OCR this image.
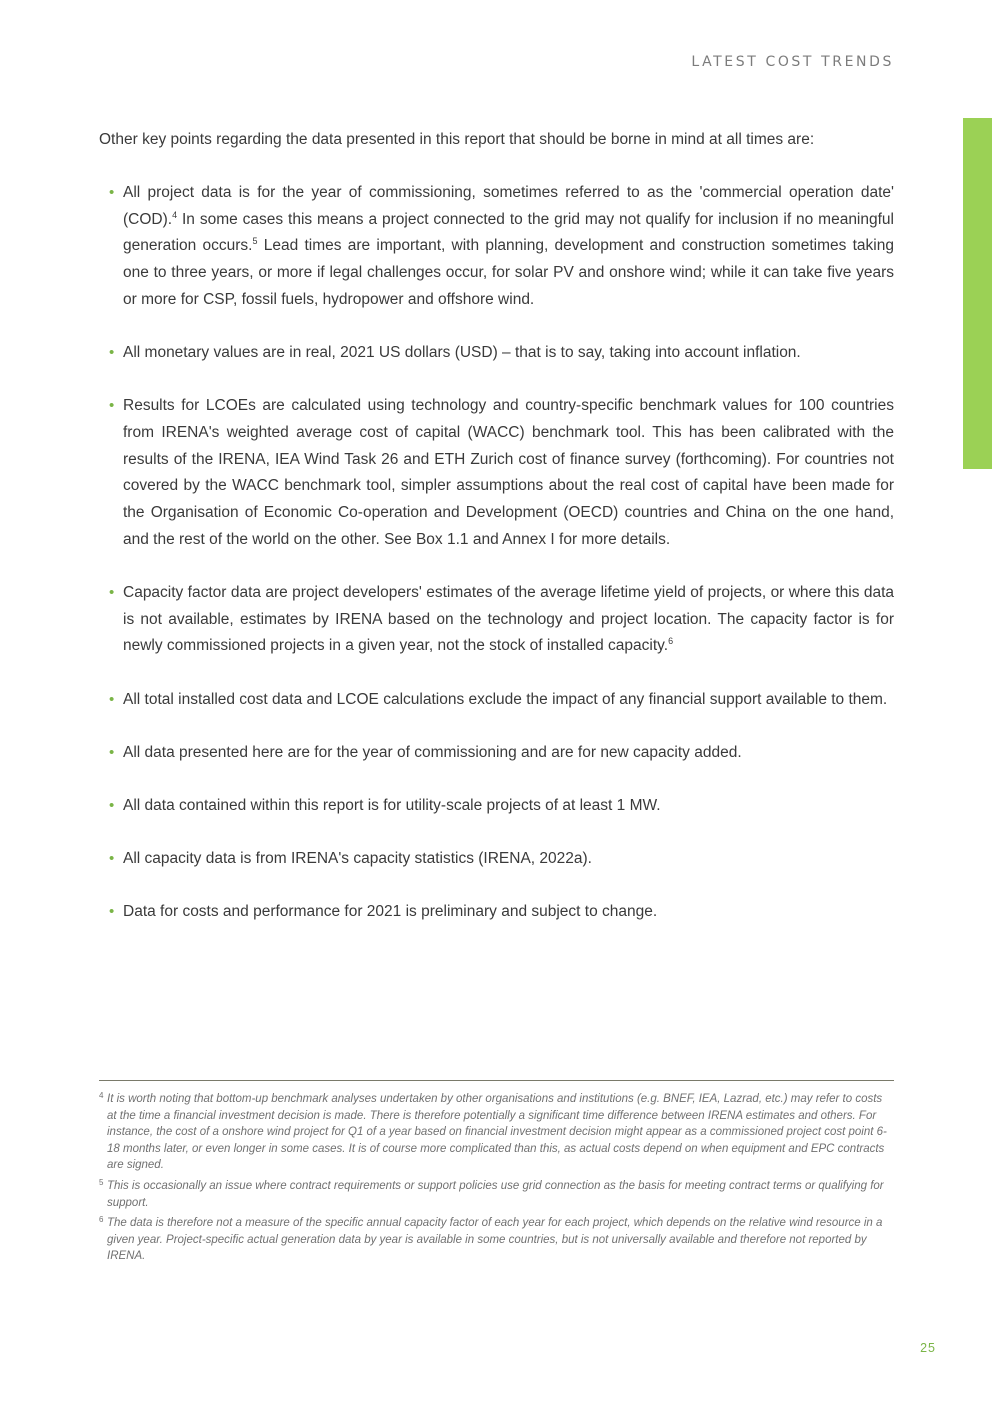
LATEST COST TRENDS

Other key points regarding the data presented in this report that should be borne in mind at all times are:

• All project data is for the year of commissioning, sometimes referred to as the 'commercial operation date' (COD).$^4$ In some cases this means a project connected to the grid may not qualify for inclusion if no meaningful generation occurs.$^5$ Lead times are important, with planning, development and construction sometimes taking one to three years, or more if legal challenges occur, for solar PV and onshore wind; while it can take five years or more for CSP, fossil fuels, hydropower and offshore wind.
• All monetary values are in real, 2021 US dollars (USD) – that is to say, taking into account inflation.
• Results for LCOEs are calculated using technology and country-specific benchmark values for 100 countries from IRENA's weighted average cost of capital (WACC) benchmark tool. This has been calibrated with the results of the IRENA, IEA Wind Task 26 and ETH Zurich cost of finance survey (forthcoming). For countries not covered by the WACC benchmark tool, simpler assumptions about the real cost of capital have been made for the Organisation of Economic Co-operation and Development (OECD) countries and China on the one hand, and the rest of the world on the other. See Box 1.1 and Annex I for more details.
• Capacity factor data are project developers' estimates of the average lifetime yield of projects, or where this data is not available, estimates by IRENA based on the technology and project location. The capacity factor is for newly commissioned projects in a given year, not the stock of installed capacity.$^6$
• All total installed cost data and LCOE calculations exclude the impact of any financial support available to them.
• All data presented here are for the year of commissioning and are for new capacity added.
• All data contained within this report is for utility-scale projects of at least 1 MW.
• All capacity data is from IRENA's capacity statistics (IRENA, 2022a).
• Data for costs and performance for 2021 is preliminary and subject to change.
4 It is worth noting that bottom-up benchmark analyses undertaken by other organisations and institutions (e.g. BNEF, IEA, Lazrad, etc.) may refer to costs at the time a financial investment decision is made. There is therefore potentially a significant time difference between IRENA estimates and others. For instance, the cost of a onshore wind project for Q1 of a year based on financial investment decision might appear as a commissioned project cost point 6-18 months later, or even longer in some cases. It is of course more complicated than this, as actual costs depend on when equipment and EPC contracts are signed.
5 This is occasionally an issue where contract requirements or support policies use grid connection as the basis for meeting contract terms or qualifying for support.
6 The data is therefore not a measure of the specific annual capacity factor of each year for each project, which depends on the relative wind resource in a given year. Project-specific actual generation data by year is available in some countries, but is not universally available and therefore not reported by IRENA.
25
